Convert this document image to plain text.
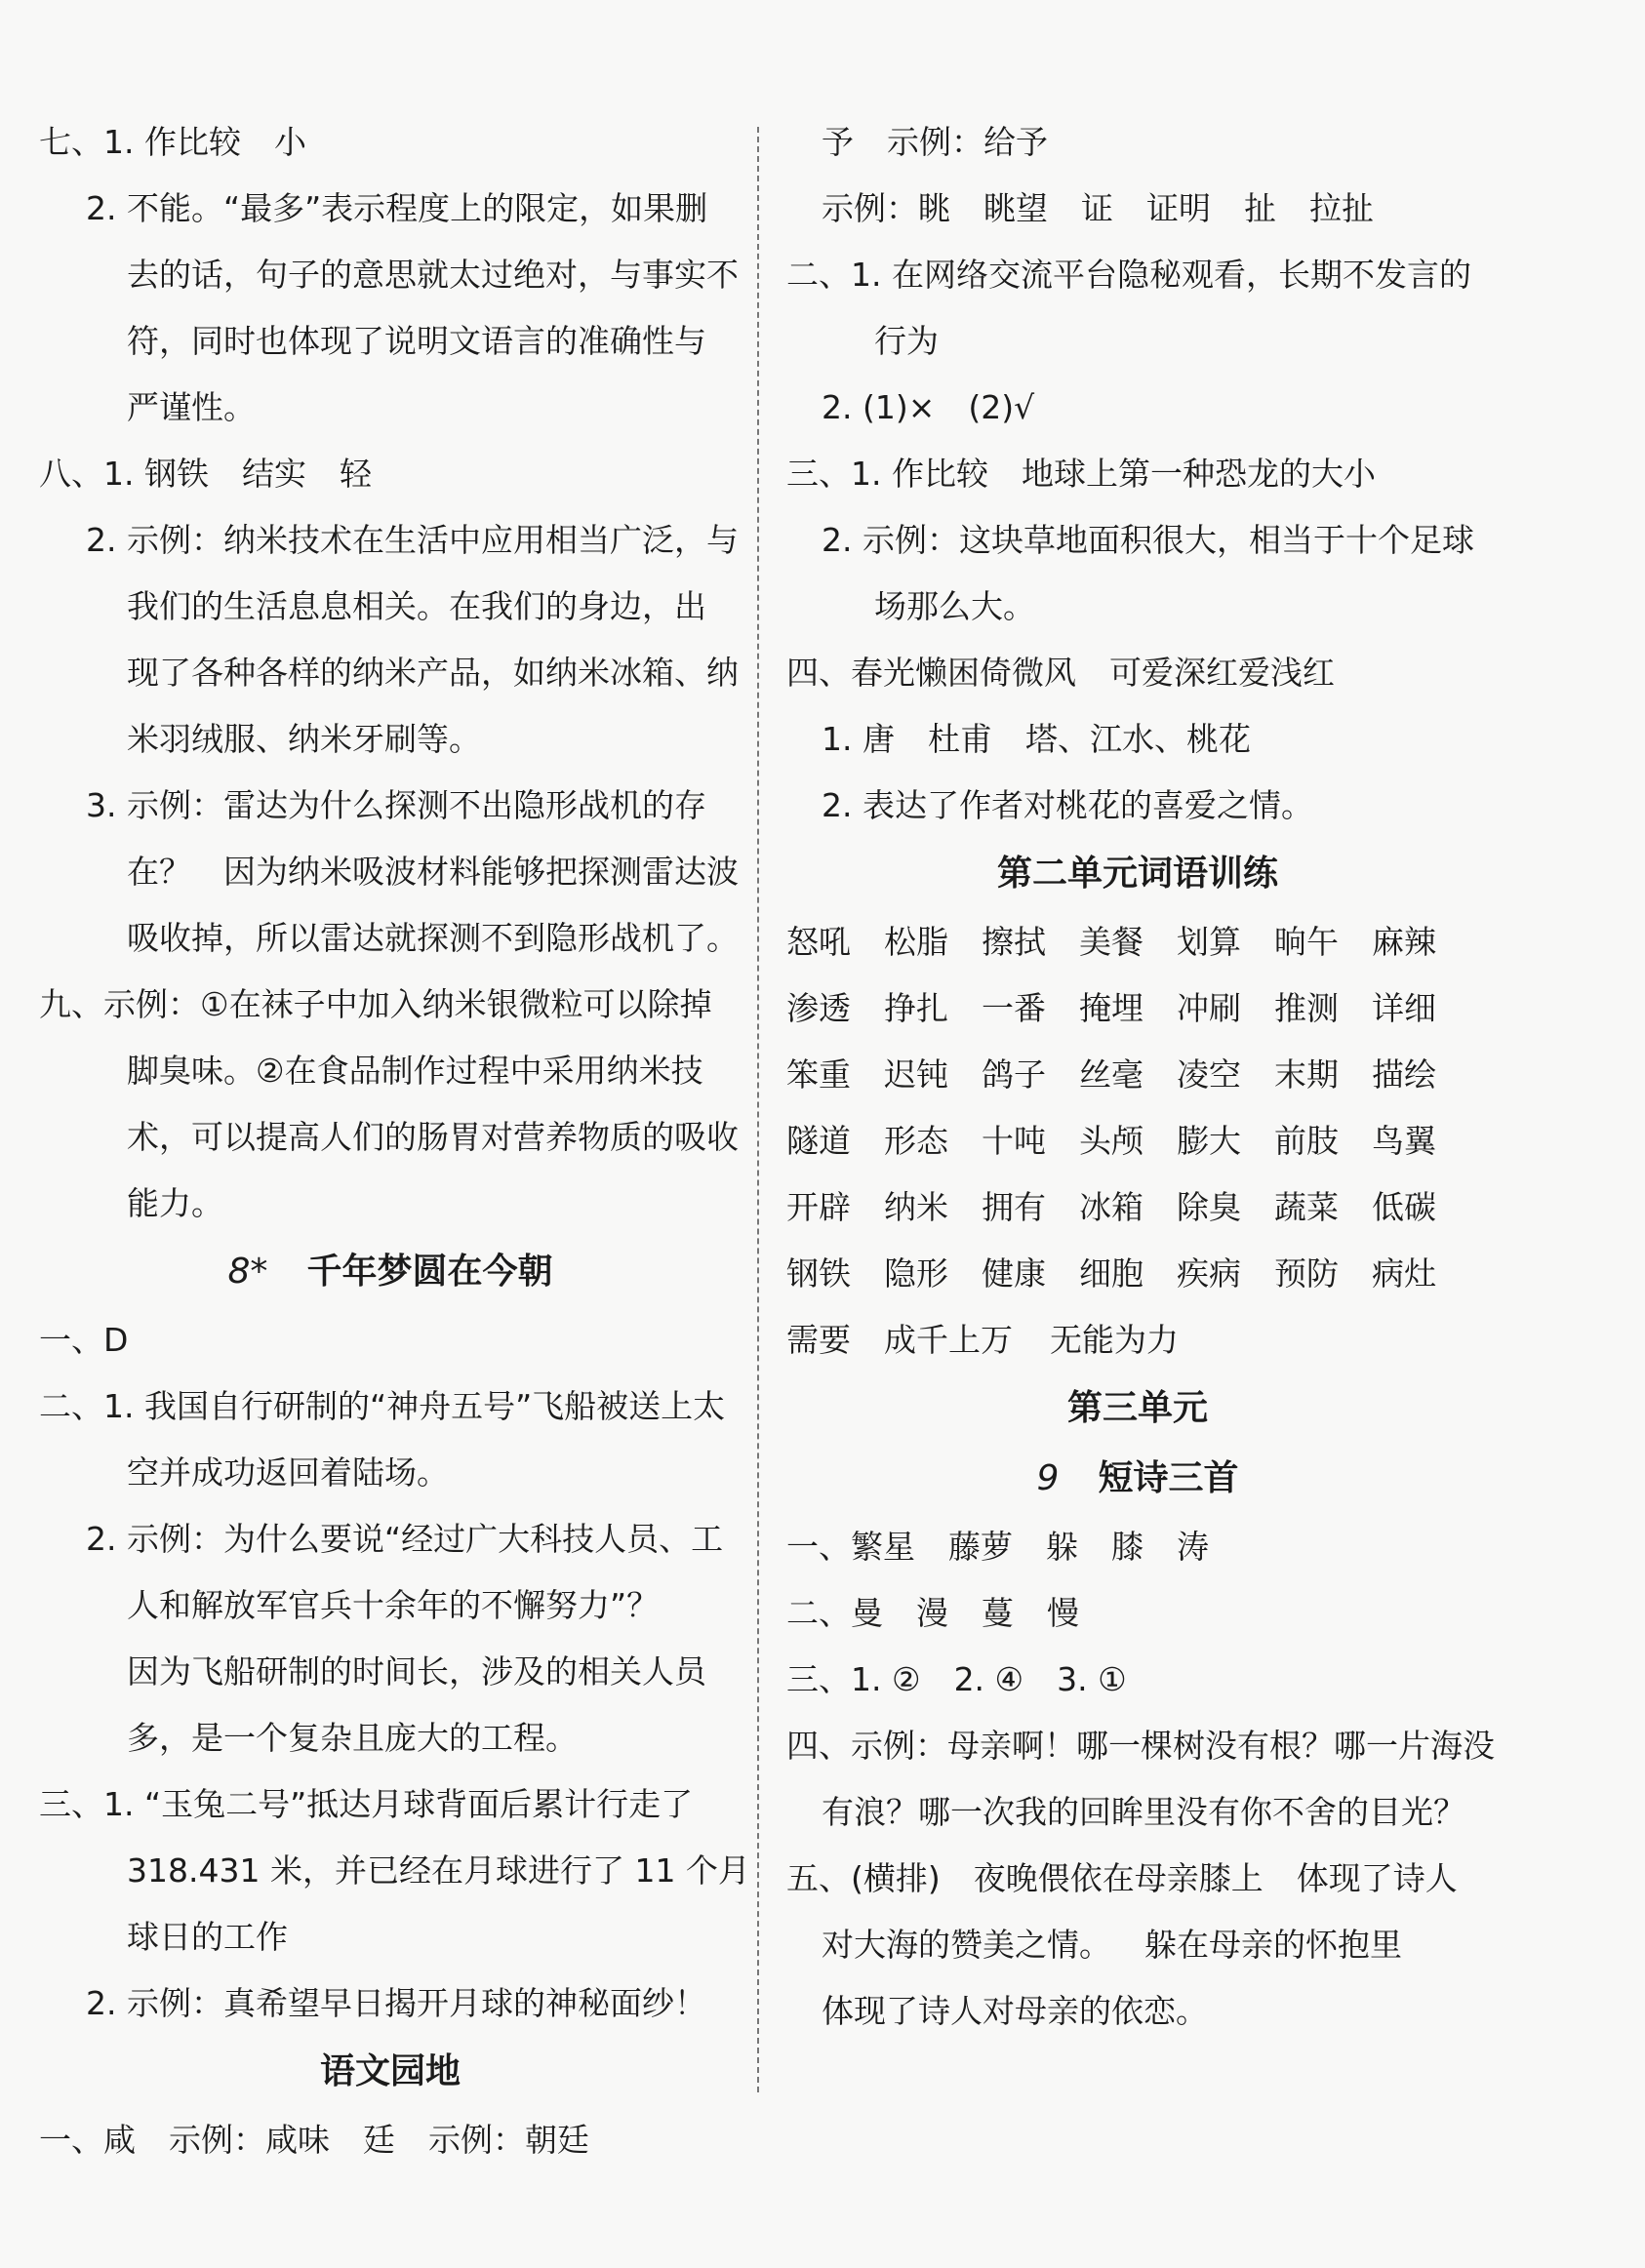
七、1. 作比较 小
2. 不能。“最多”表示程度上的限定，如果删
去的话，句子的意思就太过绝对，与事实不
符，同时也体现了说明文语言的准确性与
严谨性。
八、1. 钢铁 结实 轻
2. 示例：纳米技术在生活中应用相当广泛，与
我们的生活息息相关。在我们的身边，出
现了各种各样的纳米产品，如纳米冰箱、纳
米羽绒服、纳米牙刷等。
3. 示例：雷达为什么探测不出隐形战机的存
在？　因为纳米吸波材料能够把探测雷达波
吸收掉，所以雷达就探测不到隐形战机了。
九、示例：①在袜子中加入纳米银微粒可以除掉
脚臭味。②在食品制作过程中采用纳米技
术，可以提高人们的肠胃对营养物质的吸收
能力。
8* 千年梦圆在今朝
一、D
二、1. 我国自行研制的“神舟五号”飞船被送上太
空并成功返回着陆场。
2. 示例：为什么要说“经过广大科技人员、工
人和解放军官兵十余年的不懈努力”？
因为飞船研制的时间长，涉及的相关人员
多，是一个复杂且庞大的工程。
三、1. “玉兔二号”抵达月球背面后累计行走了
318.431 米，并已经在月球进行了 11 个月
球日的工作
2. 示例：真希望早日揭开月球的神秘面纱！
语文园地
一、咸 示例：咸味 廷 示例：朝廷
予 示例：给予
示例：眺 眺望 证 证明 扯 拉扯
二、1. 在网络交流平台隐秘观看，长期不发言的
行为
2. (1)× (2)√
三、1. 作比较 地球上第一种恐龙的大小
2. 示例：这块草地面积很大，相当于十个足球
场那么大。
四、春光懒困倚微风 可爱深红爱浅红
1. 唐 杜甫 塔、江水、桃花
2. 表达了作者对桃花的喜爱之情。
第二单元词语训练
怒吼	松脂	擦拭	美餐	划算	晌午	麻辣
渗透	挣扎	一番	掩埋	冲刷	推测	详细
笨重	迟钝	鸽子	丝毫	凌空	末期	描绘
隧道	形态	十吨	头颅	膨大	前肢	鸟翼
开辟	纳米	拥有	冰箱	除臭	蔬菜	低碳
钢铁	隐形	健康	细胞	疾病	预防	病灶
需要	成千上万	无能为力
第三单元
9 短诗三首
一、繁星 藤萝 躲 膝 涛
二、曼 漫 蔓 慢
三、1. ② 2. ④ 3. ①
四、示例：母亲啊！哪一棵树没有根？哪一片海没
有浪？哪一次我的回眸里没有你不舍的目光？
五、(横排) 夜晚偎依在母亲膝上 体现了诗人
对大海的赞美之情。 躲在母亲的怀抱里
体现了诗人对母亲的依恋。
